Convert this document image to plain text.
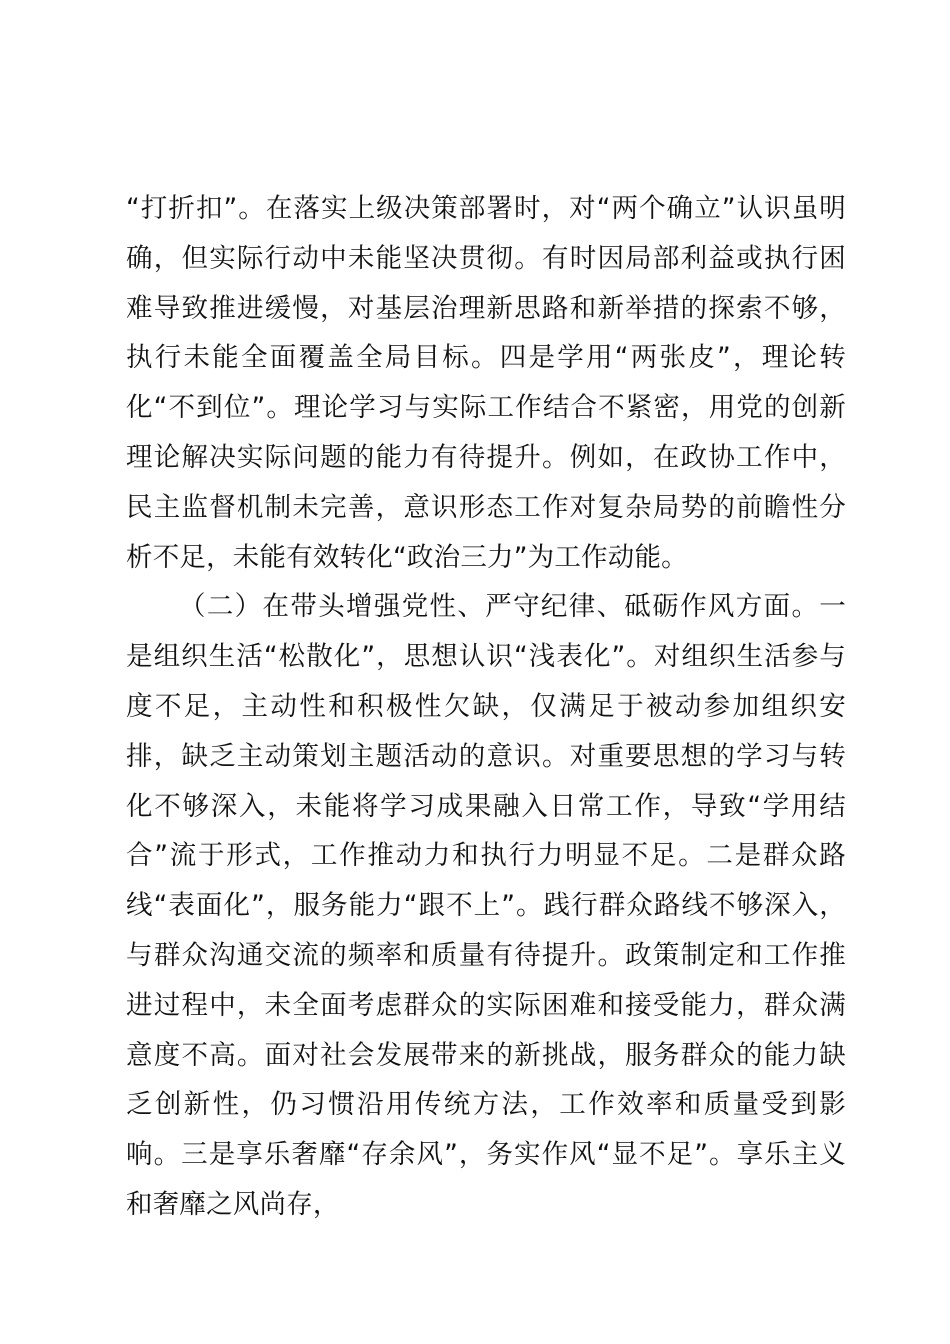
“打折扣”。在落实上级决策部署时，对“两个确立”认识虽明确，但实际行动中未能坚决贯彻。有时因局部利益或执行困难导致推进缓慢，对基层治理新思路和新举措的探索不够，执行未能全面覆盖全局目标。四是学用“两张皮”，理论转化“不到位”。理论学习与实际工作结合不紧密，用党的创新理论解决实际问题的能力有待提升。例如，在政协工作中，民主监督机制未完善，意识形态工作对复杂局势的前瞻性分析不足，未能有效转化“政治三力”为工作动能。

（二）在带头增强党性、严守纪律、砥砺作风方面。一是组织生活“松散化”，思想认识“浅表化”。对组织生活参与度不足，主动性和积极性欠缺，仅满足于被动参加组织安排，缺乏主动策划主题活动的意识。对重要思想的学习与转化不够深入，未能将学习成果融入日常工作，导致“学用结合”流于形式，工作推动力和执行力明显不足。二是群众路线“表面化”，服务能力“跟不上”。践行群众路线不够深入，与群众沟通交流的频率和质量有待提升。政策制定和工作推进过程中，未全面考虑群众的实际困难和接受能力，群众满意度不高。面对社会发展带来的新挑战，服务群众的能力缺乏创新性，仍习惯沿用传统方法，工作效率和质量受到影响。三是享乐奢靡“存余风”，务实作风“显不足”。享乐主义和奢靡之风尚存，
